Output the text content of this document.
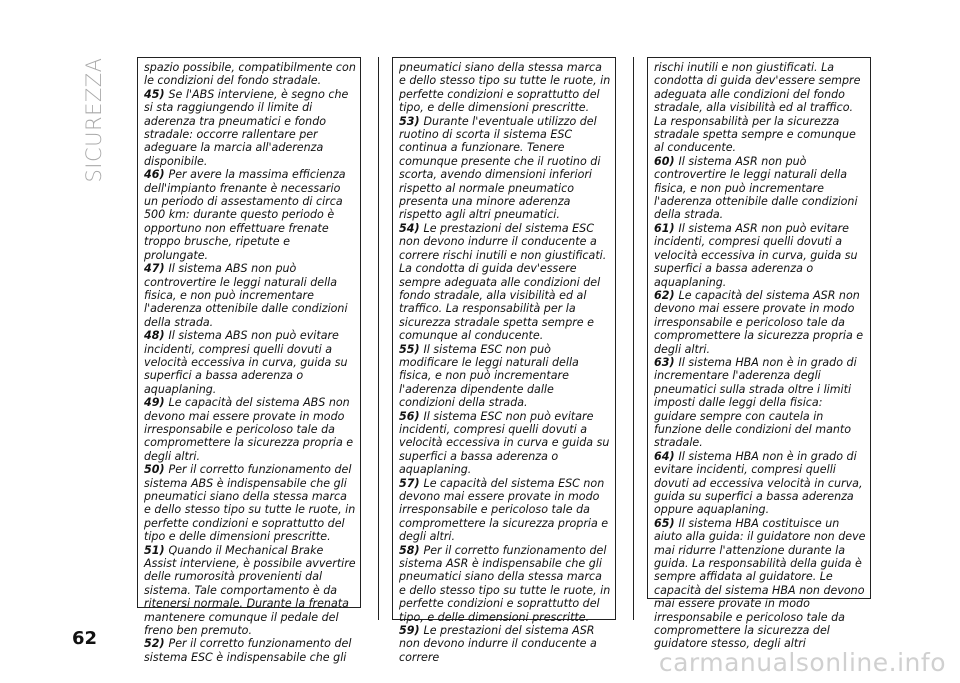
SICUREZZA	spazio possibile, compatibilmente con le condizioni del fondo stradale.

45) Se l'ABS interviene, è segno che si sta raggiungendo il limite di aderenza tra pneumatici e fondo stradale: occorre rallentare per adeguare la marcia all'aderenza disponibile.

46) Per avere la massima efficienza dell'impianto frenante è necessario un periodo di assestamento di circa 500 km: durante questo periodo è opportuno non effettuare frenate troppo brusche, ripetute e prolungate.

47) Il sistema ABS non può controvertire le leggi naturali della fisica, e non può incrementare l'aderenza ottenibile dalle condizioni della strada.

48) Il sistema ABS non può evitare incidenti, compresi quelli dovuti a velocità eccessiva in curva, guida su superfici a bassa aderenza o aquaplaning.

49) Le capacità del sistema ABS non devono mai essere provate in modo irresponsabile e pericoloso tale da compromettere la sicurezza propria e degli altri.

50) Per il corretto funzionamento del sistema ABS è indispensabile che gli pneumatici siano della stessa marca e dello stesso tipo su tutte le ruote, in perfette condizioni e soprattutto del tipo e delle dimensioni prescritte.

51) Quando il Mechanical Brake Assist interviene, è possibile avvertire delle rumorosità provenienti dal sistema. Tale comportamento è da ritenersi normale. Durante la frenata mantenere comunque il pedale del freno ben premuto.

52) Per il corretto funzionamento del sistema ESC è indispensabile che gli

pneumatici siano della stessa marca e dello stesso tipo su tutte le ruote, in perfette condizioni e soprattutto del tipo, e delle dimensioni prescritte.

53) Durante l'eventuale utilizzo del ruotino di scorta il sistema ESC continua a funzionare. Tenere comunque presente che il ruotino di scorta, avendo dimensioni inferiori rispetto al normale pneumatico presenta una minore aderenza rispetto agli altri pneumatici.

54) Le prestazioni del sistema ESC non devono indurre il conducente a correre rischi inutili e non giustificati. La condotta di guida dev'essere sempre adeguata alle condizioni del fondo stradale, alla visibilità ed al traffico. La responsabilità per la sicurezza stradale spetta sempre e comunque al conducente.

55) Il sistema ESC non può modificare le leggi naturali della fisica, e non può incrementare l'aderenza dipendente dalle condizioni della strada.

56) Il sistema ESC non può evitare incidenti, compresi quelli dovuti a velocità eccessiva in curva e guida su superfici a bassa aderenza o aquaplaning.

57) Le capacità del sistema ESC non devono mai essere provate in modo irresponsabile e pericoloso tale da compromettere la sicurezza propria e degli altri.

58) Per il corretto funzionamento del sistema ASR è indispensabile che gli pneumatici siano della stessa marca e dello stesso tipo su tutte le ruote, in perfette condizioni e soprattutto del tipo, e delle dimensioni prescritte.

59) Le prestazioni del sistema ASR non devono indurre il conducente a correre

rischi inutili e non giustificati. La condotta di guida dev'essere sempre adeguata alle condizioni del fondo stradale, alla visibilità ed al traffico. La responsabilità per la sicurezza stradale spetta sempre e comunque al conducente.

60) Il sistema ASR non può controvertire le leggi naturali della fisica, e non può incrementare l'aderenza ottenibile dalle condizioni della strada.

61) Il sistema ASR non può evitare incidenti, compresi quelli dovuti a velocità eccessiva in curva, guida su superfici a bassa aderenza o aquaplaning.

62) Le capacità del sistema ASR non devono mai essere provate in modo irresponsabile e pericoloso tale da compromettere la sicurezza propria e degli altri.

63) Il sistema HBA non è in grado di incrementare l'aderenza degli pneumatici sulla strada oltre i limiti imposti dalle leggi della fisica: guidare sempre con cautela in funzione delle condizioni del manto stradale.

64) Il sistema HBA non è in grado di evitare incidenti, compresi quelli dovuti ad eccessiva velocità in curva, guida su superfici a bassa aderenza oppure aquaplaning.

65) Il sistema HBA costituisce un aiuto alla guida: il guidatore non deve mai ridurre l'attenzione durante la guida. La responsabilità della guida è sempre affidata al guidatore. Le capacità del sistema HBA non devono mai essere provate in modo irresponsabile e pericoloso tale da compromettere la sicurezza del guidatore stesso, degli altri

62
carmanualsonline.info
